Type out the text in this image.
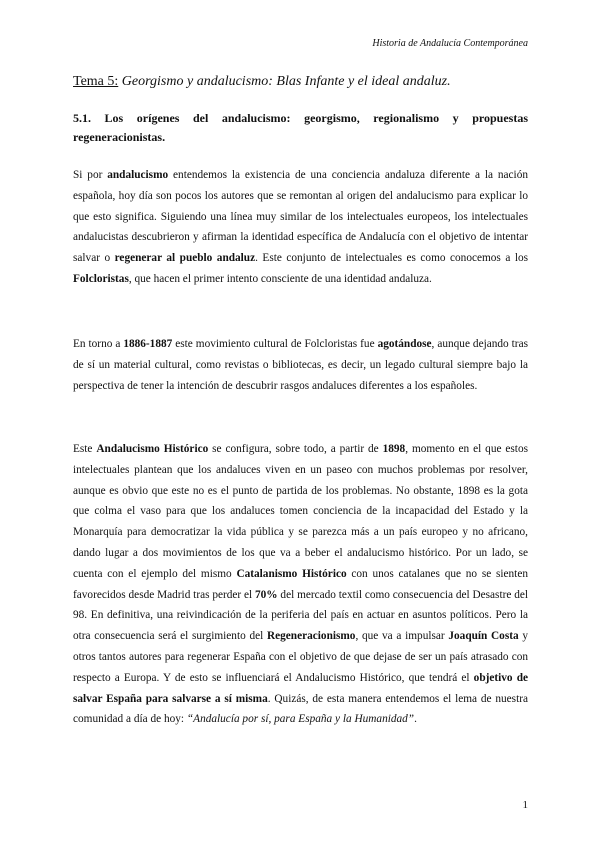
Historia de Andalucía Contemporánea
Tema 5: Georgismo y andalucismo: Blas Infante y el ideal andaluz.
5.1. Los orígenes del andalucismo: georgismo, regionalismo y propuestas regeneracionistas.

Si por andalucismo entendemos la existencia de una conciencia andaluza diferente a la nación española, hoy día son pocos los autores que se remontan al origen del andalucismo para explicar lo que esto significa. Siguiendo una línea muy similar de los intelectuales europeos, los intelectuales andalucistas descubrieron y afirman la identidad específica de Andalucía con el objetivo de intentar salvar o regenerar al pueblo andaluz. Este conjunto de intelectuales es como conocemos a los Folcloristas, que hacen el primer intento consciente de una identidad andaluza.

En torno a 1886-1887 este movimiento cultural de Folcloristas fue agotándose, aunque dejando tras de sí un material cultural, como revistas o bibliotecas, es decir, un legado cultural siempre bajo la perspectiva de tener la intención de descubrir rasgos andaluces diferentes a los españoles.

Este Andalucismo Histórico se configura, sobre todo, a partir de 1898, momento en el que estos intelectuales plantean que los andaluces viven en un paseo con muchos problemas por resolver, aunque es obvio que este no es el punto de partida de los problemas. No obstante, 1898 es la gota que colma el vaso para que los andaluces tomen conciencia de la incapacidad del Estado y la Monarquía para democratizar la vida pública y se parezca más a un país europeo y no africano, dando lugar a dos movimientos de los que va a beber el andalucismo histórico. Por un lado, se cuenta con el ejemplo del mismo Catalanismo Histórico con unos catalanes que no se sienten favorecidos desde Madrid tras perder el 70% del mercado textil como consecuencia del Desastre del 98. En definitiva, una reivindicación de la periferia del país en actuar en asuntos políticos. Pero la otra consecuencia será el surgimiento del Regeneracionismo, que va a impulsar Joaquín Costa y otros tantos autores para regenerar España con el objetivo de que dejase de ser un país atrasado con respecto a Europa. Y de esto se influenciará el Andalucismo Histórico, que tendrá el objetivo de salvar España para salvarse a sí misma. Quizás, de esta manera entendemos el lema de nuestra comunidad a día de hoy: “Andalucía por sí, para España y la Humanidad”.

1
